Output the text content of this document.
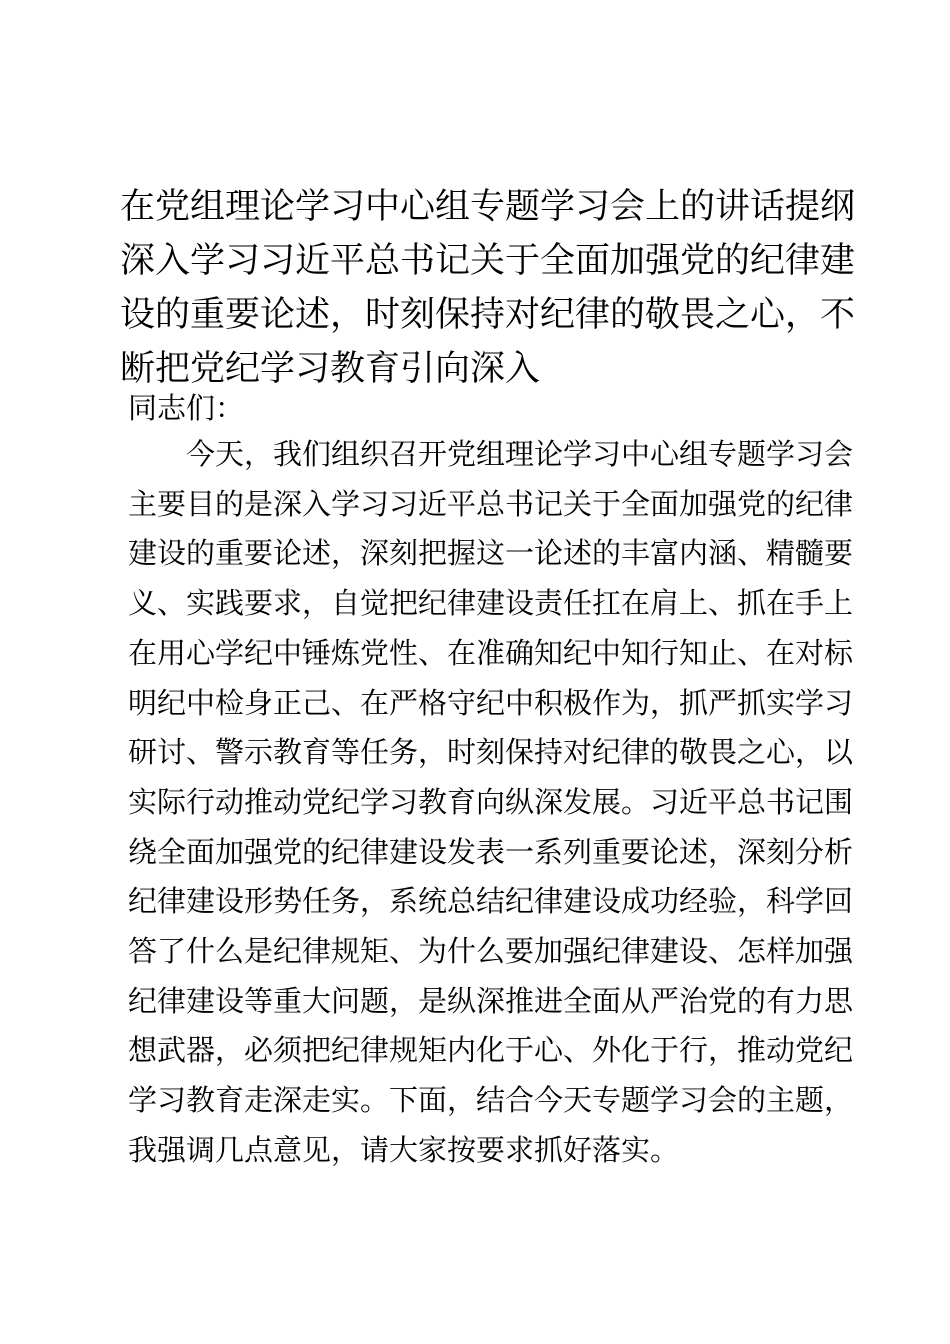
在党组理论学习中心组专题学习会上的讲话提纲
深入学习习近平总书记关于全面加强党的纪律建
设的重要论述，时刻保持对纪律的敬畏之心，不
断把党纪学习教育引向深入
同志们：
今天，我们组织召开党组理论学习中心组专题学习会
主要目的是深入学习习近平总书记关于全面加强党的纪律
建设的重要论述，深刻把握这一论述的丰富内涵、精髓要
义、实践要求，自觉把纪律建设责任扛在肩上、抓在手上
在用心学纪中锤炼党性、在准确知纪中知行知止、在对标
明纪中检身正己、在严格守纪中积极作为，抓严抓实学习
研讨、警示教育等任务，时刻保持对纪律的敬畏之心，以
实际行动推动党纪学习教育向纵深发展。习近平总书记围
绕全面加强党的纪律建设发表一系列重要论述，深刻分析
纪律建设形势任务，系统总结纪律建设成功经验，科学回
答了什么是纪律规矩、为什么要加强纪律建设、怎样加强
纪律建设等重大问题，是纵深推进全面从严治党的有力思
想武器，必须把纪律规矩内化于心、外化于行，推动党纪
学习教育走深走实。下面，结合今天专题学习会的主题，
我强调几点意见，请大家按要求抓好落实。
